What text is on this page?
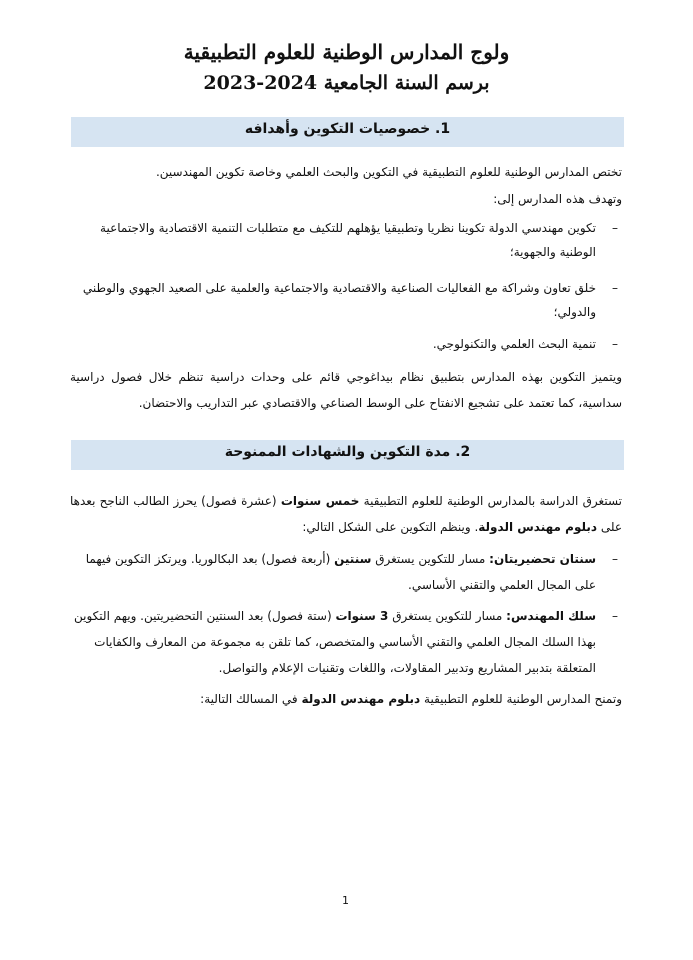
ولوج المدارس الوطنية للعلوم التطبيقية
برسم السنة الجامعية 2024-2023
1. خصوصيات التكوين وأهدافه
تختص المدارس الوطنية للعلوم التطبيقية في التكوين والبحث العلمي وخاصة تكوين المهندسين.
وتهدف هذه المدارس إلى:
–
تكوين مهندسي الدولة تكوينا نظريا وتطبيقيا يؤهلهم للتكيف مع متطلبات التنمية الاقتصادية والاجتماعية الوطنية والجهوية؛
–
خلق تعاون وشراكة مع الفعاليات الصناعية والاقتصادية والاجتماعية والعلمية على الصعيد الجهوي والوطني والدولي؛
–
تنمية البحث العلمي والتكنولوجي.
ويتميز التكوين بهذه المدارس بتطبيق نظام بيداغوجي قائم على وحدات دراسية تنظم خلال فصول دراسية سداسية، كما تعتمد على تشجيع الانفتاح على الوسط الصناعي والاقتصادي عبر التداريب والاحتضان.
2. مدة التكوين والشهادات الممنوحة
تستغرق الدراسة بالمدارس الوطنية للعلوم التطبيقية خمس سنوات (عشرة فصول) يحرز الطالب الناجح بعدها على دبلوم مهندس الدولة. وينظم التكوين على الشكل التالي:
–
سنتان تحضيريتان: مسار للتكوين يستغرق سنتين (أربعة فصول) بعد البكالوريا. ويرتكز التكوين فيهما على المجال العلمي والتقني الأساسي.
–
سلك المهندس: مسار للتكوين يستغرق 3 سنوات (ستة فصول) بعد السنتين التحضيريتين. ويهم التكوين بهذا السلك المجال العلمي والتقني الأساسي والمتخصص، كما تلقن به مجموعة من المعارف والكفايات المتعلقة بتدبير المشاريع وتدبير المقاولات، واللغات وتقنيات الإعلام والتواصل.
وتمنح المدارس الوطنية للعلوم التطبيقية دبلوم مهندس الدولة في المسالك التالية:
1
